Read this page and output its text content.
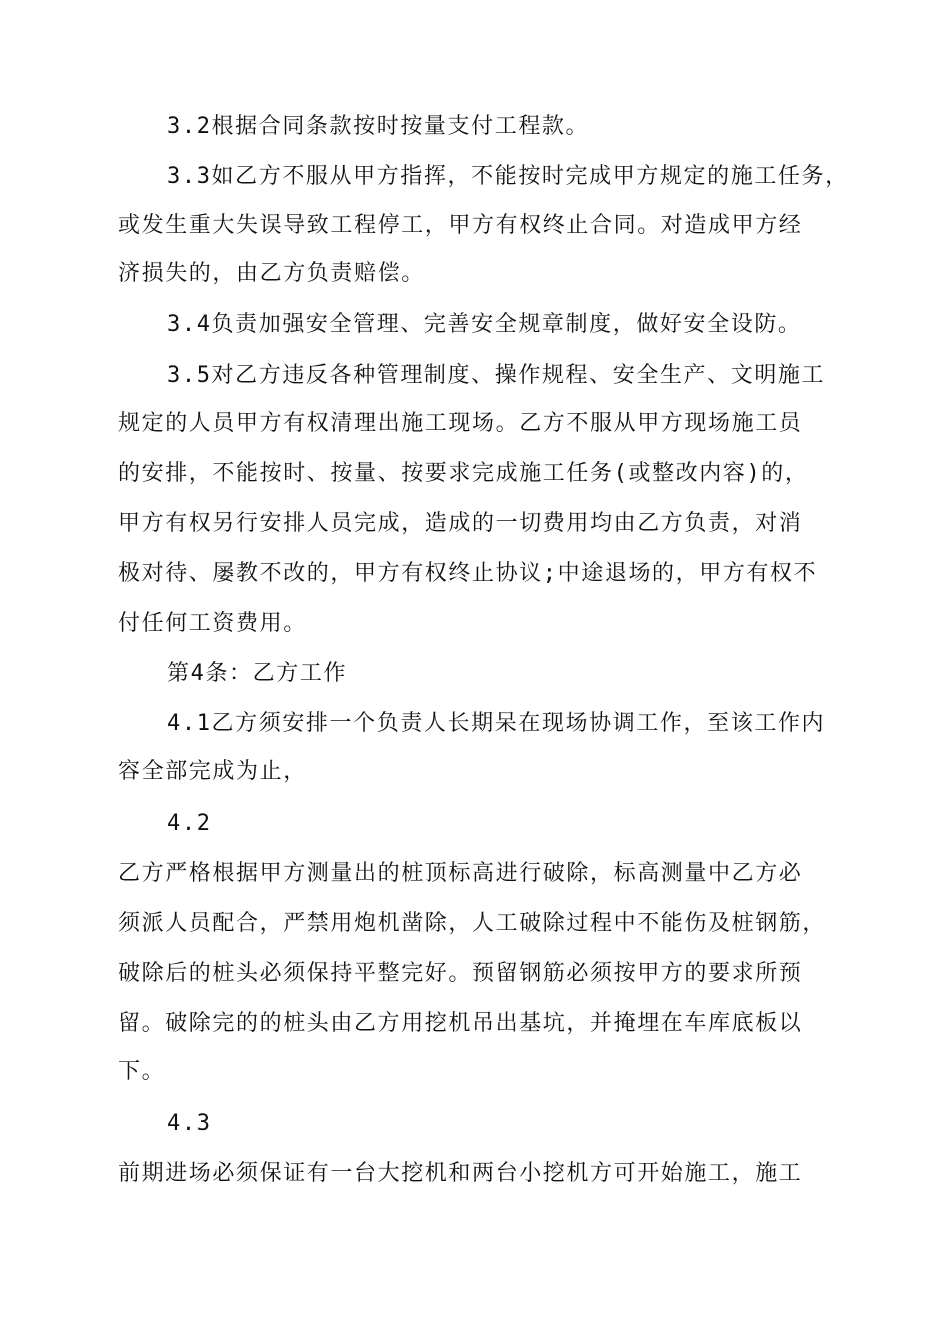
3.2根据合同条款按时按量支付工程款。
3.3如乙方不服从甲方指挥，不能按时完成甲方规定的施工任务，
或发生重大失误导致工程停工，甲方有权终止合同。对造成甲方经
济损失的，由乙方负责赔偿。
3.4负责加强安全管理、完善安全规章制度，做好安全设防。
3.5对乙方违反各种管理制度、操作规程、安全生产、文明施工
规定的人员甲方有权清理出施工现场。乙方不服从甲方现场施工员
的安排，不能按时、按量、按要求完成施工任务(或整改内容)的，
甲方有权另行安排人员完成，造成的一切费用均由乙方负责，对消
极对待、屡教不改的，甲方有权终止协议;中途退场的，甲方有权不
付任何工资费用。
第4条：乙方工作
4.1乙方须安排一个负责人长期呆在现场协调工作，至该工作内
容全部完成为止，
4.2
乙方严格根据甲方测量出的桩顶标高进行破除，标高测量中乙方必
须派人员配合，严禁用炮机凿除，人工破除过程中不能伤及桩钢筋，
破除后的桩头必须保持平整完好。预留钢筋必须按甲方的要求所预
留。破除完的的桩头由乙方用挖机吊出基坑，并掩埋在车库底板以
下。
4.3
前期进场必须保证有一台大挖机和两台小挖机方可开始施工，施工
